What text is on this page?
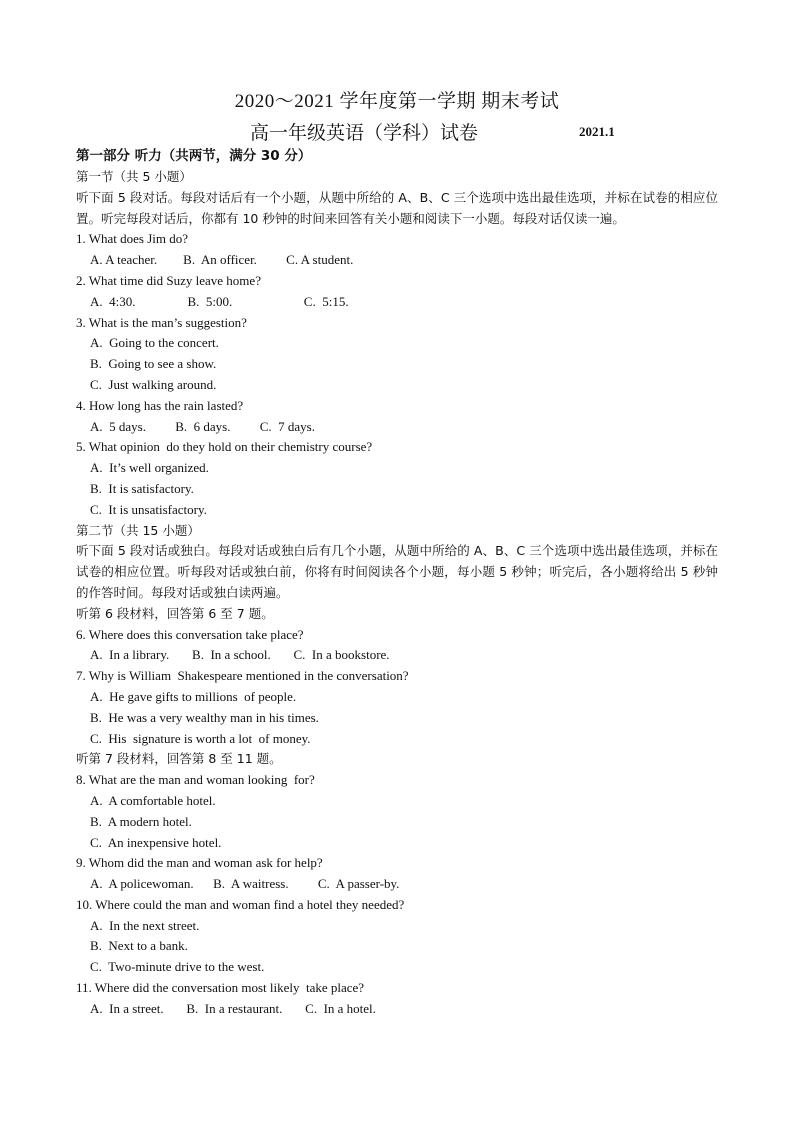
2020～2021 学年度第一学期 期末考试
高一年级英语（学科）试卷	2021.1

第一部分 听力（共两节，满分 30 分）

第一节（共 5 小题）

听下面 5 段对话。每段对话后有一个小题，从题中所给的 A、B、C 三个选项中选出最佳选项，并标在试卷的相应位置。听完每段对话后，你都有 10 秒钟的时间来回答有关小题和阅读下一小题。每段对话仅读一遍。

1. What does Jim do?

A. A teacher.        B.  An officer.         C. A student.

2. What time did Suzy leave home?

A.  4:30.                B.  5:00.                      C.  5:15.

3. What is the man’s suggestion?

A.  Going to the concert.

B.  Going to see a show.

C.  Just walking around.

4. How long has the rain lasted?

A.  5 days.         B.  6 days.         C.  7 days.

5. What opinion  do they hold on their chemistry course?

A.  It’s well organized.

B.  It is satisfactory.

C.  It is unsatisfactory.

第二节（共 15 小题）

听下面 5 段对话或独白。每段对话或独白后有几个小题，从题中所给的 A、B、C 三个选项中选出最佳选项，并标在试卷的相应位置。听每段对话或独白前，你将有时间阅读各个小题，每小题 5 秒钟；听完后，各小题将给出 5 秒钟的作答时间。每段对话或独白读两遍。

听第 6 段材料，回答第 6 至 7 题。

6. Where does this conversation take place?

A.  In a library.       B.  In a school.       C.  In a bookstore.

7. Why is William  Shakespeare mentioned in the conversation?

A.  He gave gifts to millions  of people.

B.  He was a very wealthy man in his times.

C.  His  signature is worth a lot  of money.

听第 7 段材料，回答第 8 至 11 题。

8. What are the man and woman looking  for?

A.  A comfortable hotel.

B.  A modern hotel.

C.  An inexpensive hotel.

9. Whom did the man and woman ask for help?

A.  A policewoman.      B.  A waitress.         C.  A passer-by.

10. Where could the man and woman find a hotel they needed?

A.  In the next street.

B.  Next to a bank.

C.  Two-minute drive to the west.

11. Where did the conversation most likely  take place?

A.  In a street.       B.  In a restaurant.       C.  In a hotel.
